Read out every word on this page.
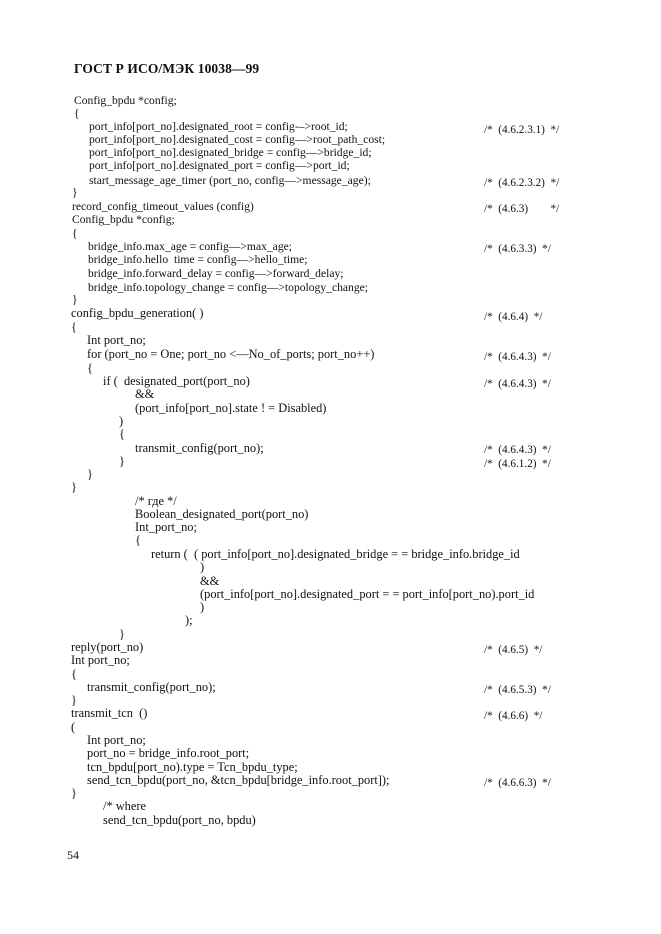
ГОСТ Р ИСО/МЭК 10038—99
Config_bpdu *config;
{
port_info[port_no].designated_root = config-–>root_id;
port_info[port_no].designated_cost = config—>root_path_cost;
port_info[port_no].designated_bridge = config—>bridge_id;
port_info[port_no].designated_port = config—>port_id;
start_message_age_timer (port_no, config—>message_age);
}
record_config_timeout_values (config)
Config_bpdu *config;
{
bridge_info.max_age = config—>max_age;
bridge_info.hello  time = config—>hello_time;
bridge_info.forward_delay = config—>forward_delay;
bridge_info.topology_change = config—>topology_change;
}
config_bpdu_generation( )
{
Int port_no;
for (port_no = One; port_no <—No_of_ports; port_no++)
{
if (  designated_port(port_no)
&&
(port_info[port_no].state ! = Disabled)
)
{
transmit_config(port_no);
}
}
}
/* где */
Boolean_designated_port(port_no)
Int_port_no;
{
return (  ( port_info[port_no].designated_bridge = = bridge_info.bridge_id
)
&&
(port_info[port_no].designated_port = = port_info[port_no).port_id
)
);
}
reply(port_no)
Int port_no;
{
transmit_config(port_no);
}
transmit_tcn  ()
(
Int port_no;
port_no = bridge_info.root_port;
tcn_bpdu[port_no).type = Tcn_bpdu_type;
send_tcn_bpdu(port_no, &tcn_bpdu[bridge_info.root_port]);
}
/* where
send_tcn_bpdu(port_no, bpdu)
/*  (4.6.2.3.1)  */
/*  (4.6.2.3.2)  */
/*  (4.6.3)        */
/*  (4.6.3.3)  */
/*  (4.6.4)  */
/*  (4.6.4.3)  */
/*  (4.6.4.3)  */
/*  (4.6.4.3)  */
/*  (4.6.1.2)  */
/*  (4.6.5)  */
/*  (4.6.5.3)  */
/*  (4.6.6)  */
/*  (4.6.6.3)  */
54
